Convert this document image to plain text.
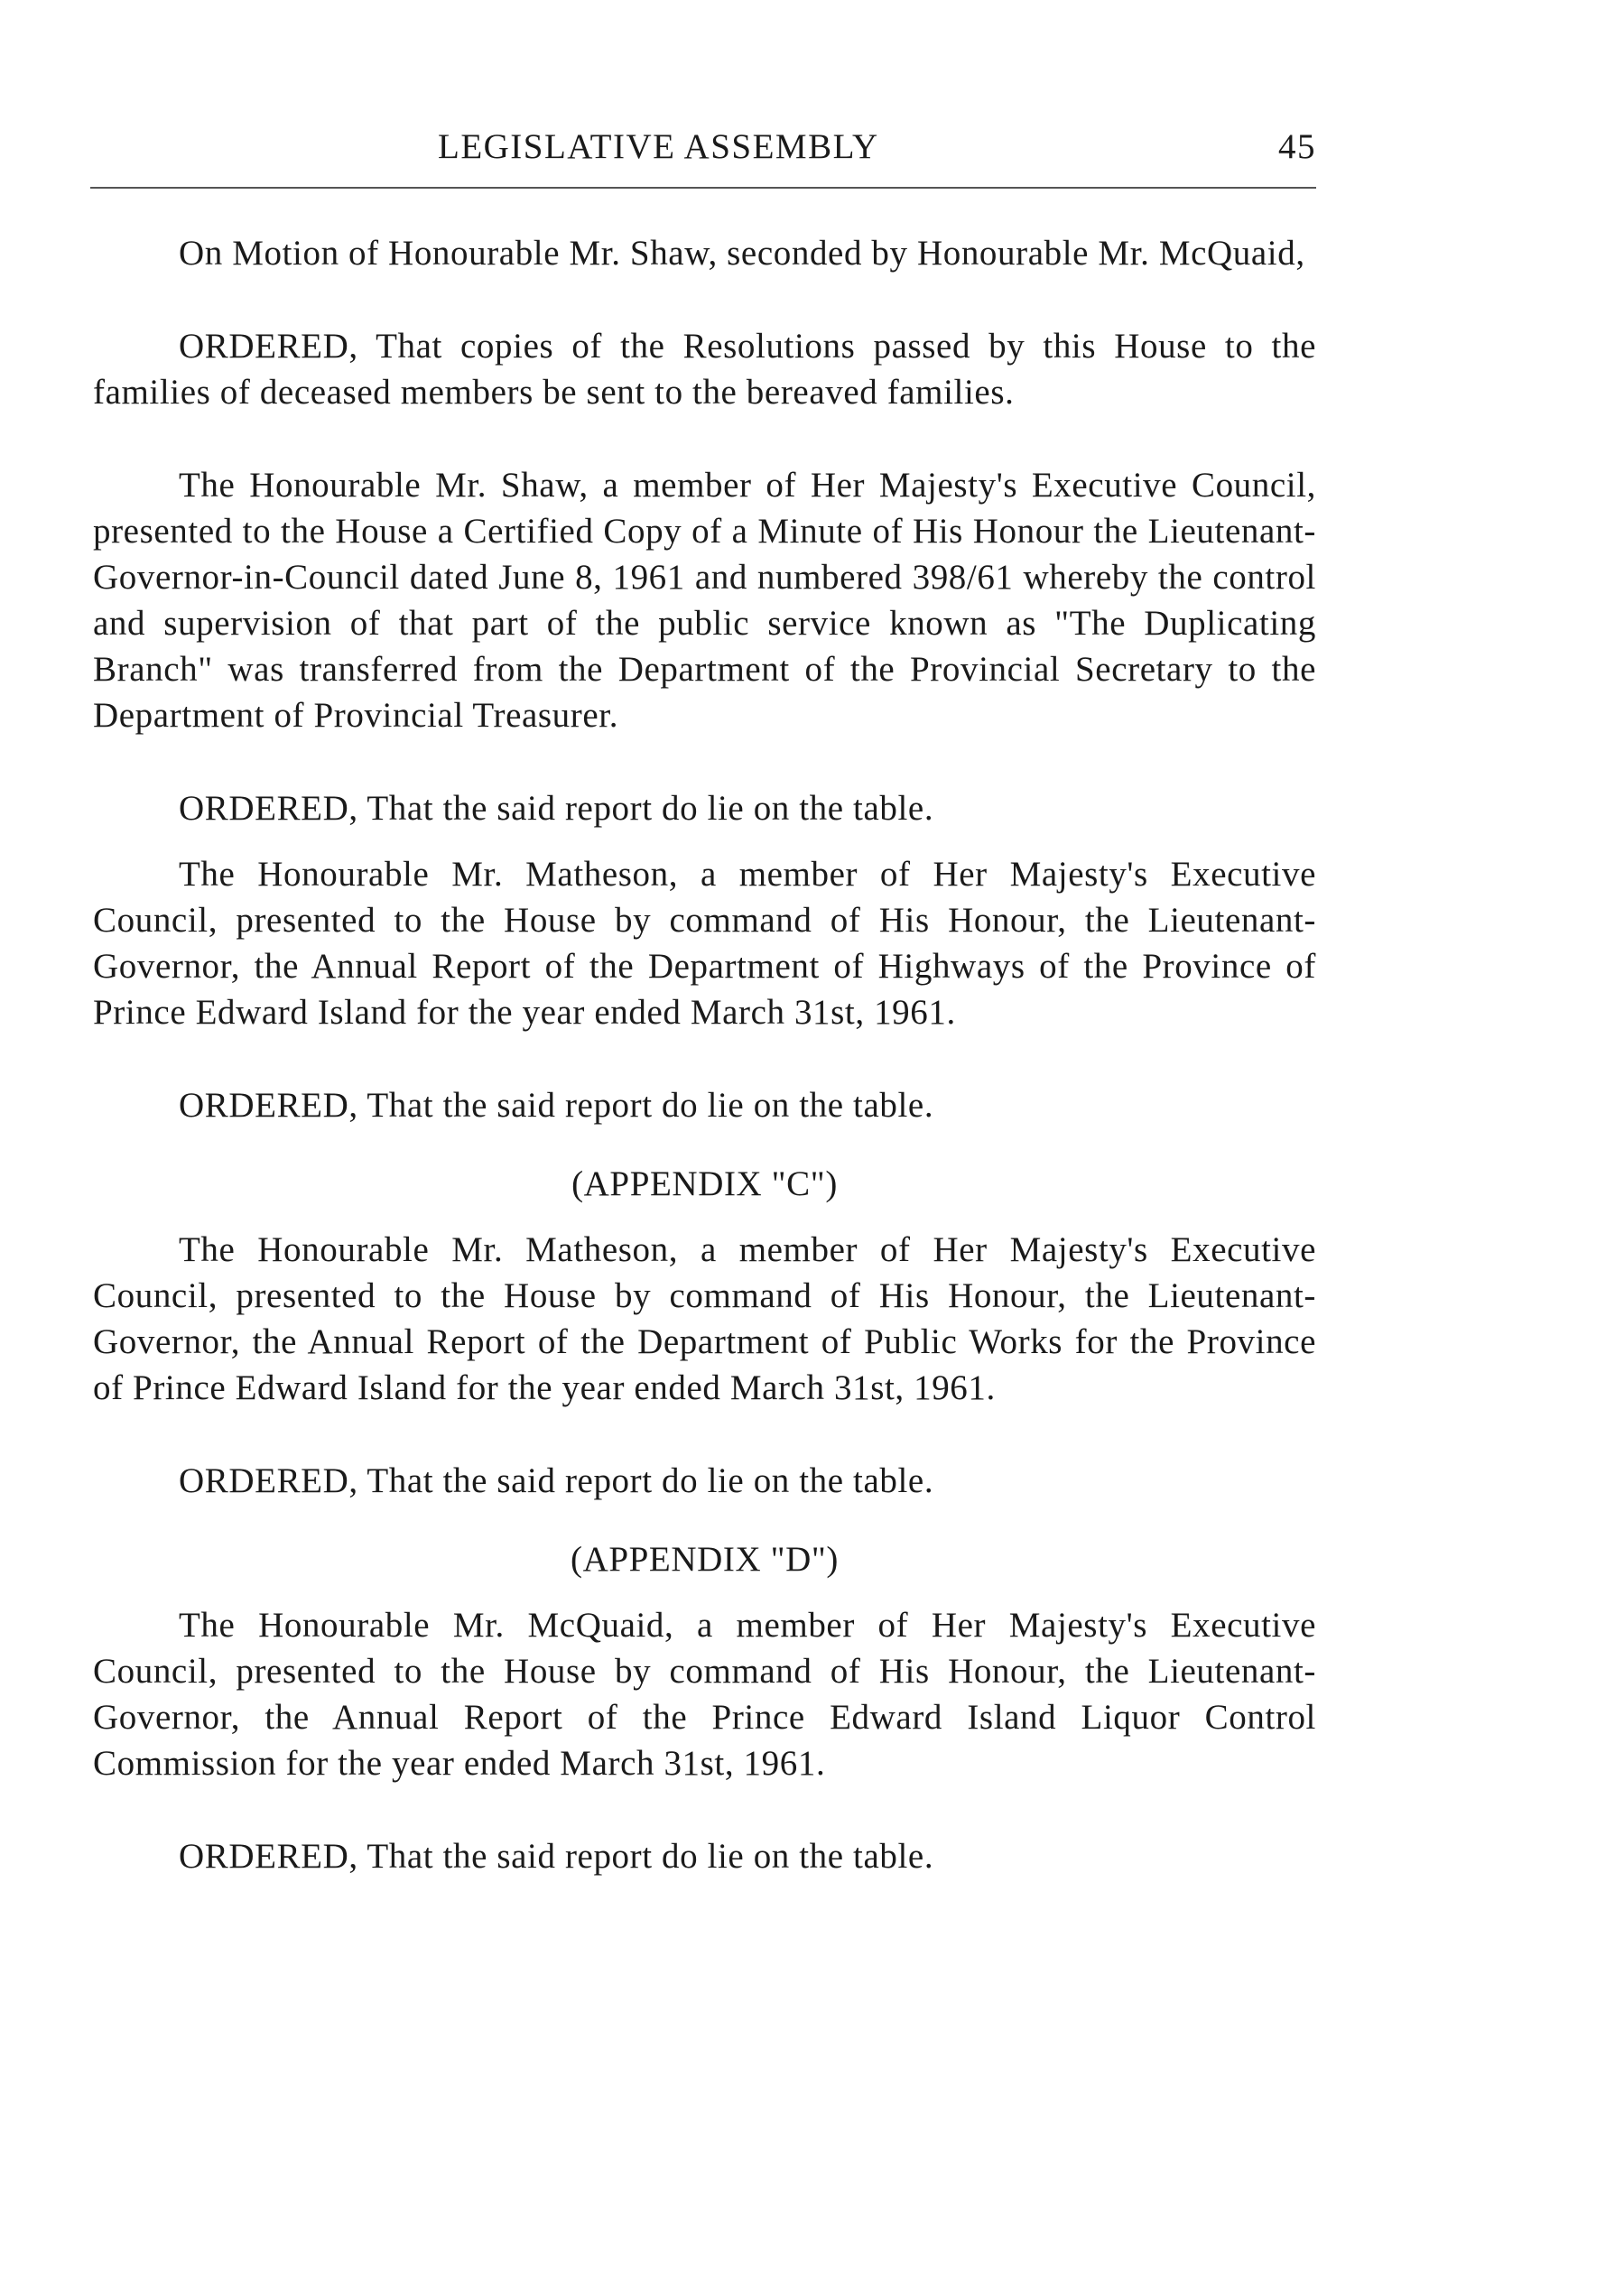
LEGISLATIVE ASSEMBLY	45

On Motion of Honourable Mr. Shaw, seconded by Honourable Mr. McQuaid,

ORDERED, That copies of the Resolutions passed by this House to the families of deceased members be sent to the bereaved families.

The Honourable Mr. Shaw, a member of Her Majesty's Executive Council, presented to the House a Certified Copy of a Minute of His Honour the Lieutenant-Governor-in-Council dated June 8, 1961 and numbered 398/61 whereby the control and supervision of that part of the public service known as "The Duplicating Branch" was transferred from the Department of the Provincial Secretary to the Department of Provincial Treasurer.

ORDERED, That the said report do lie on the table.

The Honourable Mr. Matheson, a member of Her Majesty's Executive Council, presented to the House by command of His Honour, the Lieutenant-Governor, the Annual Report of the Department of Highways of the Province of Prince Edward Island for the year ended March 31st, 1961.

ORDERED, That the said report do lie on the table.

(APPENDIX "C")

The Honourable Mr. Matheson, a member of Her Majesty's Executive Council, presented to the House by command of His Honour, the Lieutenant-Governor, the Annual Report of the Department of Public Works for the Province of Prince Edward Island for the year ended March 31st, 1961.

ORDERED, That the said report do lie on the table.

(APPENDIX "D")

The Honourable Mr. McQuaid, a member of Her Majesty's Executive Council, presented to the House by command of His Honour, the Lieutenant-Governor, the Annual Report of the Prince Edward Island Liquor Control Commission for the year ended March 31st, 1961.

ORDERED, That the said report do lie on the table.
